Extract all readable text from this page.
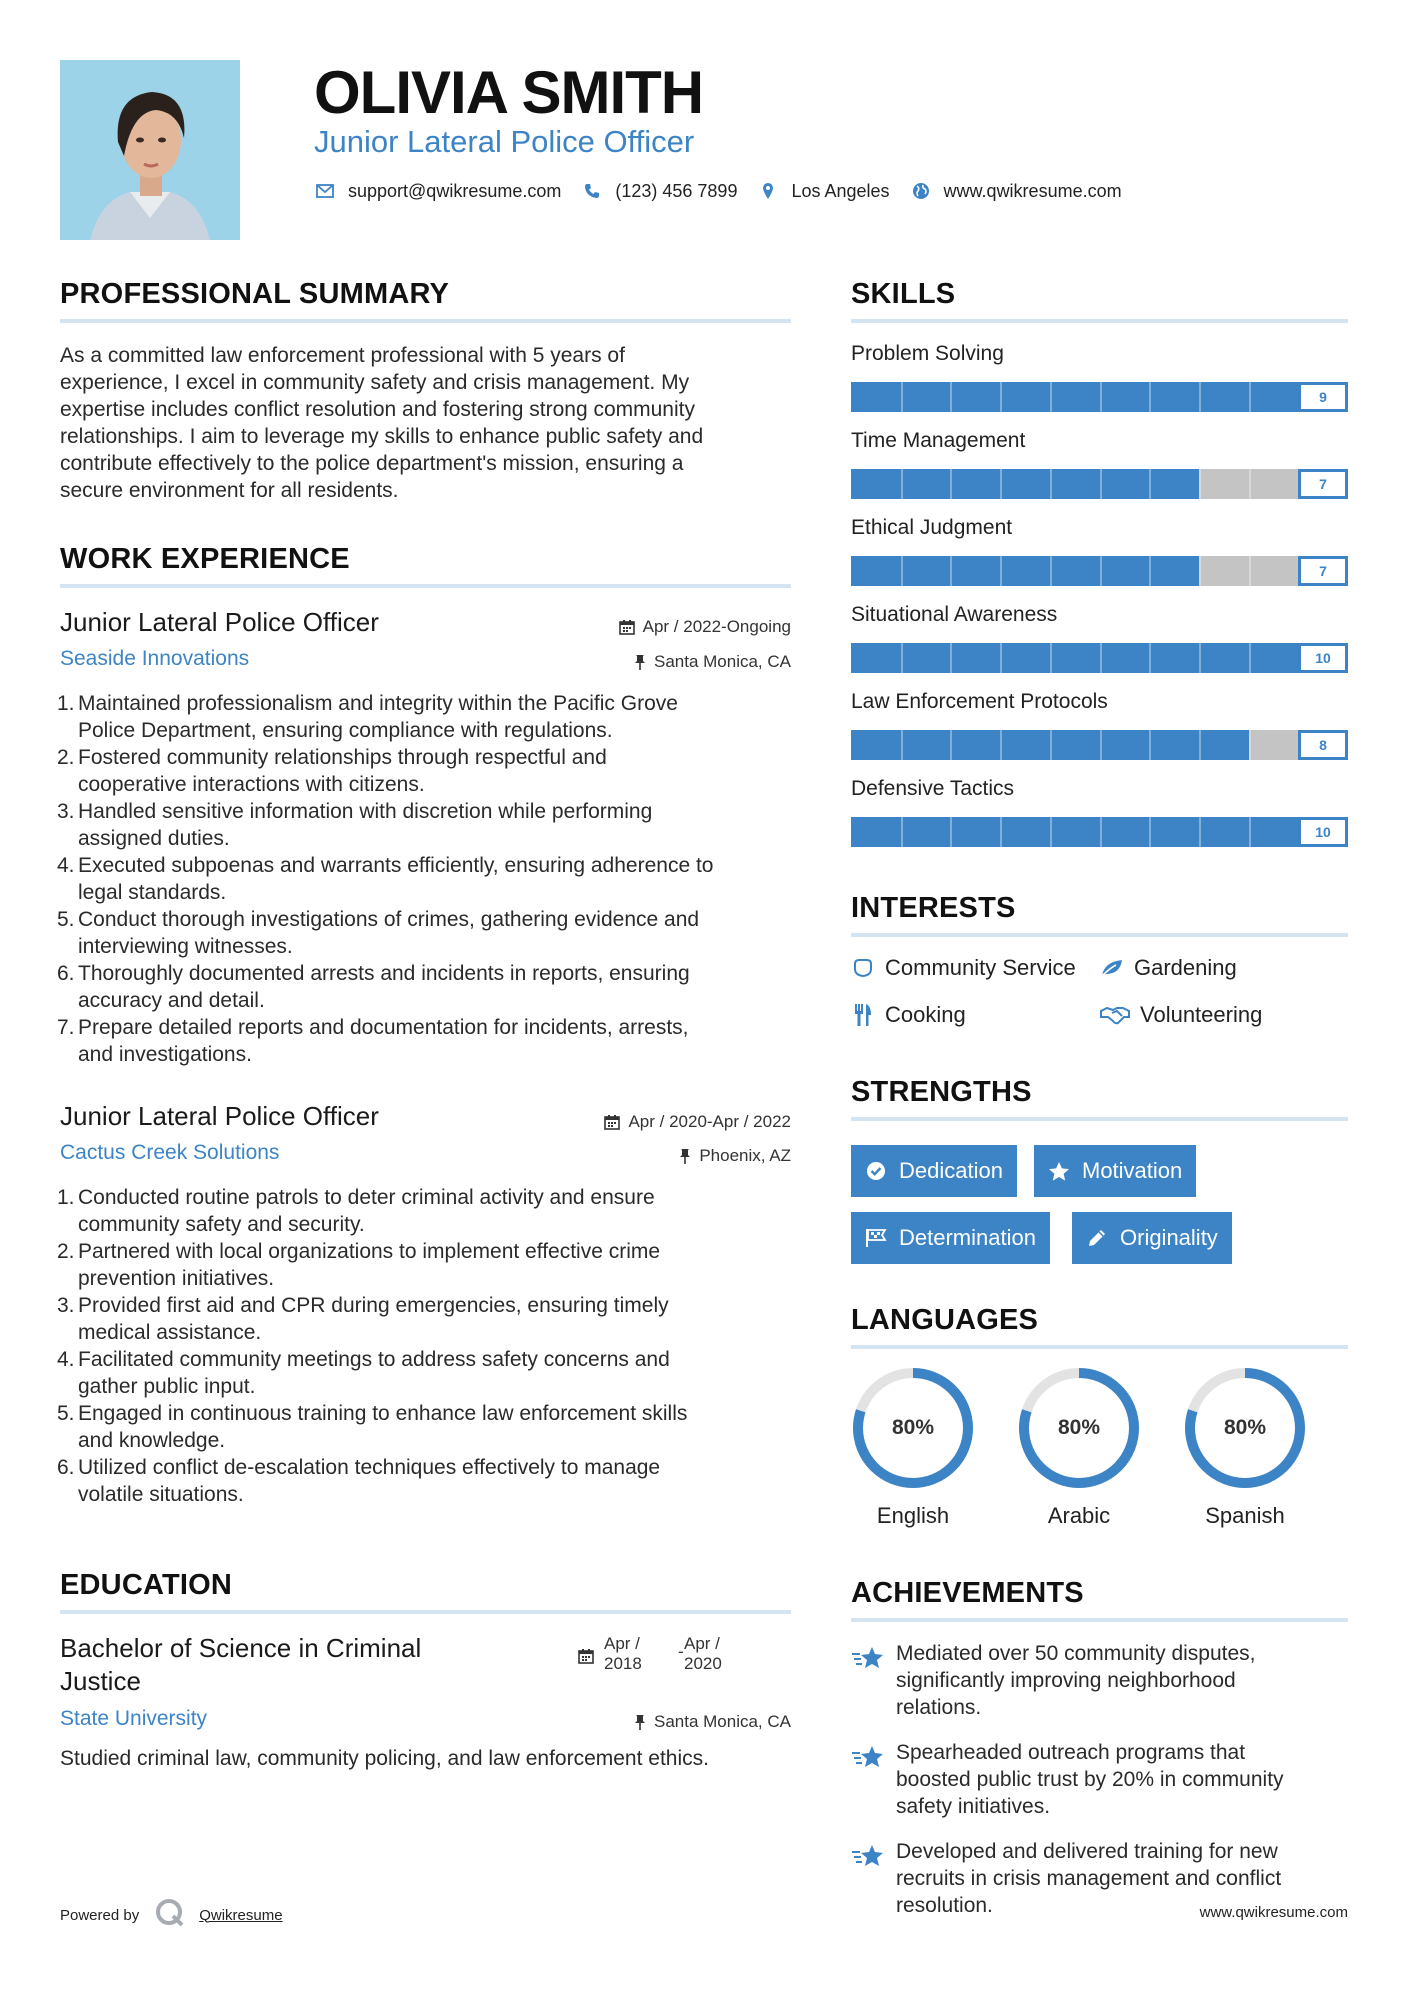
OLIVIA SMITH
Junior Lateral Police Officer
support@qwikresume.com	(123) 456 7899	Los Angeles	www.qwikresume.com
PROFESSIONAL SUMMARY
As a committed law enforcement professional with 5 years of
experience, I excel in community safety and crisis management. My
expertise includes conflict resolution and fostering strong community
relationships. I aim to leverage my skills to enhance public safety and
contribute effectively to the police department's mission, ensuring a
secure environment for all residents.
WORK EXPERIENCE
Junior Lateral Police Officer	Apr / 2022-Ongoing
Seaside Innovations	Santa Monica, CA
1. Maintained professionalism and integrity within the Pacific Grove
Police Department, ensuring compliance with regulations.
2. Fostered community relationships through respectful and
cooperative interactions with citizens.
3. Handled sensitive information with discretion while performing
assigned duties.
4. Executed subpoenas and warrants efficiently, ensuring adherence to
legal standards.
5. Conduct thorough investigations of crimes, gathering evidence and
interviewing witnesses.
6. Thoroughly documented arrests and incidents in reports, ensuring
accuracy and detail.
7. Prepare detailed reports and documentation for incidents, arrests,
and investigations.
Junior Lateral Police Officer	Apr / 2020-Apr / 2022
Cactus Creek Solutions	Phoenix, AZ
1. Conducted routine patrols to deter criminal activity and ensure
community safety and security.
2. Partnered with local organizations to implement effective crime
prevention initiatives.
3. Provided first aid and CPR during emergencies, ensuring timely
medical assistance.
4. Facilitated community meetings to address safety concerns and
gather public input.
5. Engaged in continuous training to enhance law enforcement skills
and knowledge.
6. Utilized conflict de-escalation techniques effectively to manage
volatile situations.
EDUCATION
Bachelor of Science in Criminal
Justice
Apr /
2018
- Apr /
2020
State University	Santa Monica, CA
Studied criminal law, community policing, and law enforcement ethics.
SKILLS
Problem Solving
9
Time Management
7
Ethical Judgment
7
Situational Awareness
10
Law Enforcement Protocols
8
Defensive Tactics
10
INTERESTS
Community Service	Gardening
Cooking	Volunteering
STRENGTHS
Dedication	Motivation
Determination	Originality
LANGUAGES
80%
English
80%
Arabic
80%
Spanish
ACHIEVEMENTS
Mediated over 50 community disputes,
significantly improving neighborhood
relations.
Spearheaded outreach programs that
boosted public trust by 20% in community
safety initiatives.
Developed and delivered training for new
recruits in crisis management and conflict
resolution.
Powered by	Qwikresume	www.qwikresume.com
